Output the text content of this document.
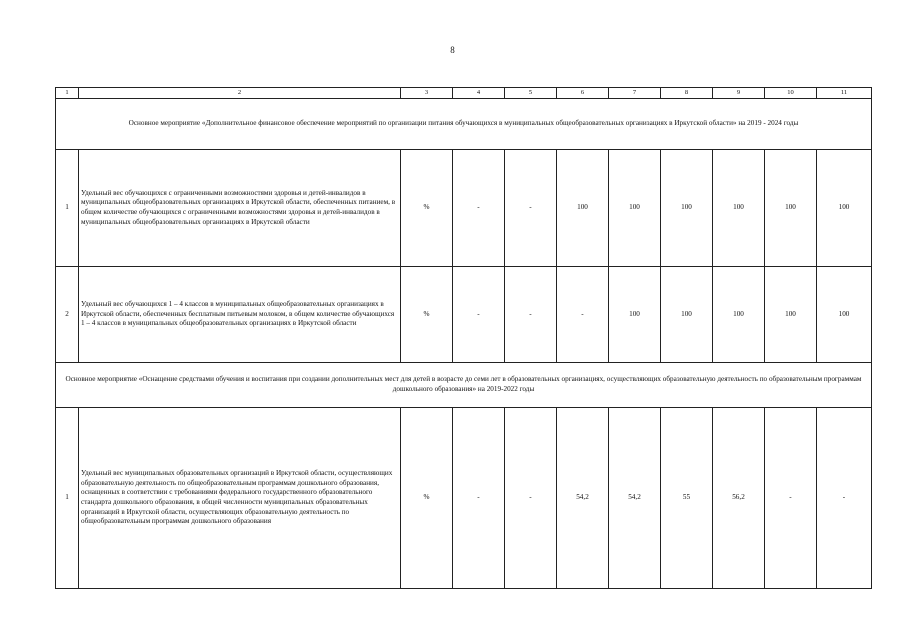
8
1	2	3	4	5	6	7	8	9	10	11
Основное мероприятие «Дополнительное финансовое обеспечение мероприятий по организации питания обучающихся в муниципальных общеобразовательных организациях в Иркутской области» на 2019 - 2024 годы										
1	Удельный вес обучающихся с ограниченными возможностями здоровья и детей-инвалидов в муниципальных общеобразовательных организациях в Иркутской области, обеспеченных питанием, в общем количестве обучающихся с ограниченными возможностями здоровья и детей-инвалидов в муниципальных общеобразовательных организациях в Иркутской области	%	-	-	100	100	100	100	100	100
2	Удельный вес обучающихся 1 – 4 классов в муниципальных общеобразовательных организациях в Иркутской области, обеспеченных бесплатным питьевым молоком, в общем количестве обучающихся 1 – 4 классов в муниципальных общеобразовательных организациях в Иркутской области	%	-	-	-	100	100	100	100	100
Основное мероприятие «Оснащение средствами обучения и воспитания при создании дополнительных мест для детей в возрасте до семи лет в образовательных организациях, осуществляющих образовательную деятельность по образовательным программам дошкольного образования» на 2019-2022 годы										
1	Удельный вес муниципальных образовательных организаций в Иркутской области, осуществляющих образовательную деятельность по общеобразовательным программам дошкольного образования, оснащенных в соответствии с требованиями федерального государственного образовательного стандарта дошкольного образования, в общей численности муниципальных образовательных организаций в Иркутской области, осуществляющих образовательную деятельность по общеобразовательным программам дошкольного образования	%	-	-	54,2	54,2	55	56,2	-	-
